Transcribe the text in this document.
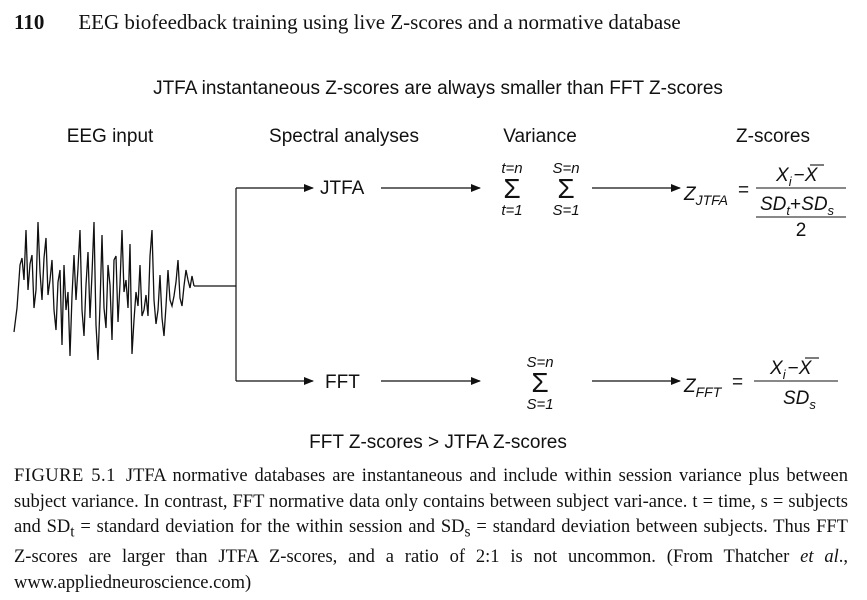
110 EEG biofeedback training using live Z-scores and a normative database
JTFA instantaneous Z-scores are always smaller than FFT Z-scores
EEG input	Spectral analyses	Variance	Z-scores
JTFA
FFT
t=n
t=1
S=n
S=1
S=n
S=1
Σ Σ
Σ
$Z_{JTFA}$ =
$X_i -X$
$SD_t+SD_s$
2
$Z_{FFT}$ =
$X_i -X$
$SD_s$
FFT Z-scores > JTFA Z-scores
FIGURE 5.1 JTFA normative databases are instantaneous and include within session variance plus between subject variance. In contrast, FFT normative data only contains between subject vari-ance. t = time, s = subjects and $SD_t$ = standard deviation for the within session and $SD_s$ = standard deviation between subjects. Thus FFT Z-scores are larger than JTFA Z-scores, and a ratio of 2:1 is not uncommon. (From Thatcher et al., www.appliedneuroscience.com)
